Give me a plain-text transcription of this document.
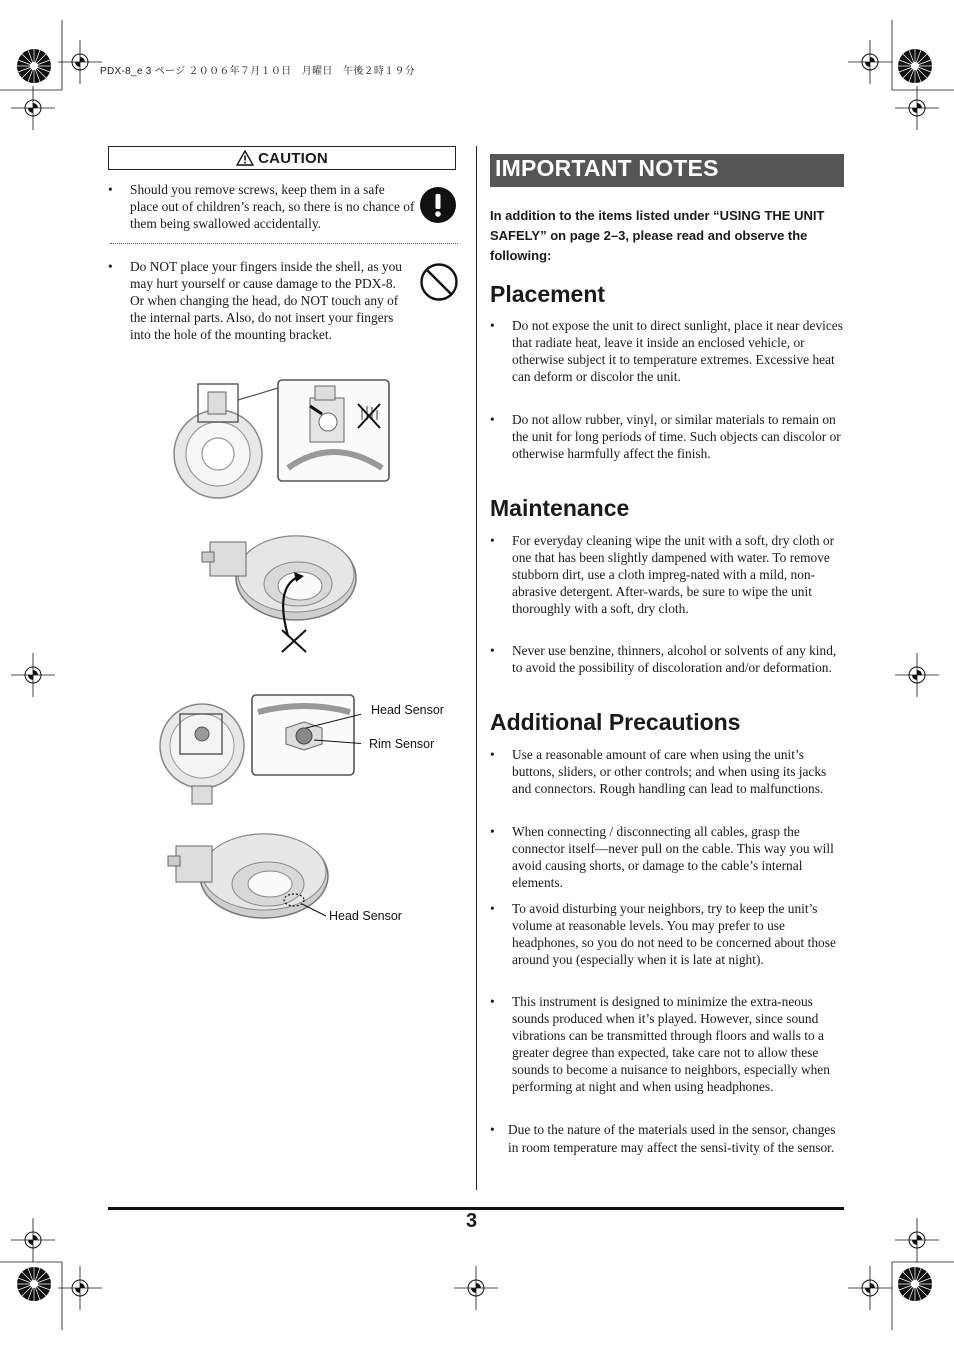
PDX-8_e 3 ページ ２００６年７月１０日　月曜日　午後２時１９分
CAUTION
• Should you remove screws, keep them in a safe place out of children’s reach, so there is no chance of them being swallowed accidentally.
• Do NOT place your fingers inside the shell, as you may hurt yourself or cause damage to the PDX-8. Or when changing the head, do NOT touch any of the internal parts. Also, do not insert your fingers into the hole of the mounting bracket.
Head Sensor
Rim Sensor
Head Sensor
IMPORTANT NOTES
In addition to the items listed under “USING THE UNIT SAFELY” on page 2–3, please read and observe the following:
Placement
• Do not expose the unit to direct sunlight, place it near devices that radiate heat, leave it inside an enclosed vehicle, or otherwise subject it to temperature extremes. Excessive heat can deform or discolor the unit.
• Do not allow rubber, vinyl, or similar materials to remain on the unit for long periods of time. Such objects can discolor or otherwise harmfully affect the finish.
Maintenance
• For everyday cleaning wipe the unit with a soft, dry cloth or one that has been slightly dampened with water. To remove stubborn dirt, use a cloth impreg-nated with a mild, non-abrasive detergent. After-wards, be sure to wipe the unit thoroughly with a soft, dry cloth.
• Never use benzine, thinners, alcohol or solvents of any kind, to avoid the possibility of discoloration and/or deformation.
Additional Precautions
• Use a reasonable amount of care when using the unit’s buttons, sliders, or other controls; and when using its jacks and connectors. Rough handling can lead to malfunctions.
• When connecting / disconnecting all cables, grasp the connector itself—never pull on the cable. This way you will avoid causing shorts, or damage to the cable’s internal elements.
• To avoid disturbing your neighbors, try to keep the unit’s volume at reasonable levels. You may prefer to use headphones, so you do not need to be concerned about those around you (especially when it is late at night).
• This instrument is designed to minimize the extra-neous sounds produced when it’s played. However, since sound vibrations can be transmitted through floors and walls to a greater degree than expected, take care not to allow these sounds to become a nuisance to neighbors, especially when performing at night and when using headphones.
• Due to the nature of the materials used in the sensor, changes in room temperature may affect the sensi-tivity of the sensor.
3
